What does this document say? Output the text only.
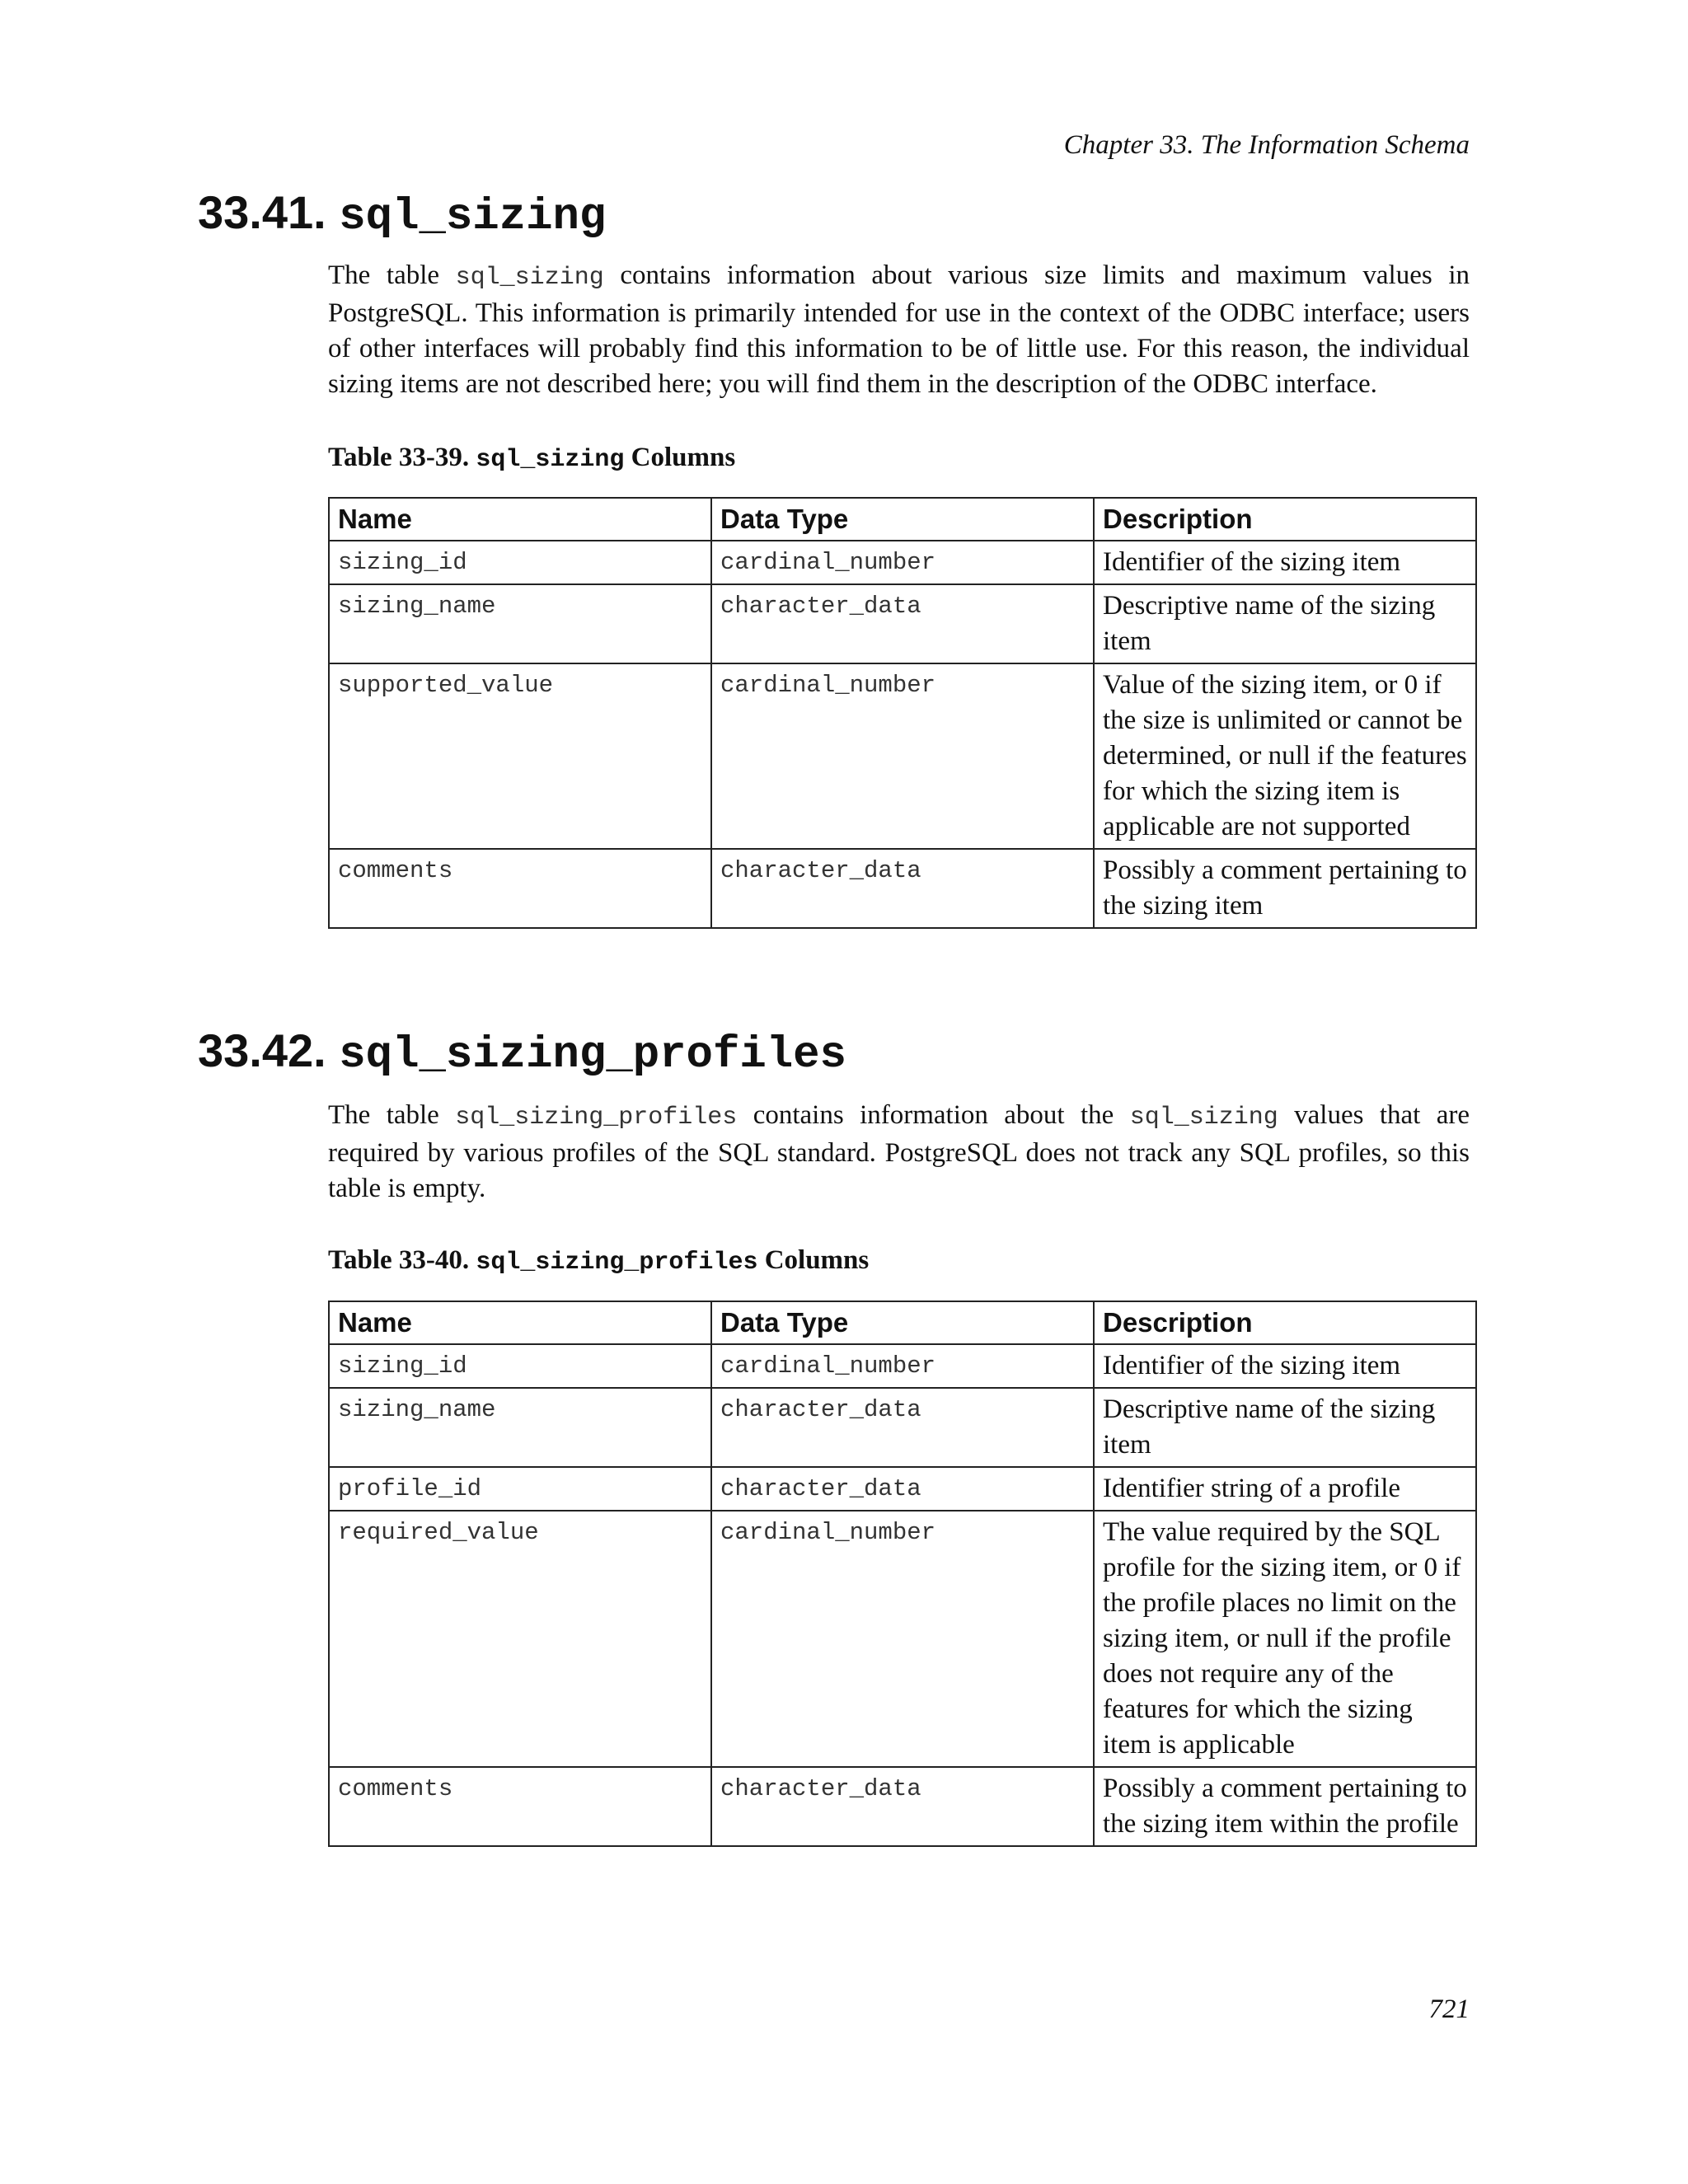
Chapter 33. The Information Schema
33.41. sql_sizing

The table sql_sizing contains information about various size limits and maximum values in PostgreSQL. This information is primarily intended for use in the context of the ODBC interface; users of other interfaces will probably find this information to be of little use. For this reason, the individual sizing items are not described here; you will find them in the description of the ODBC interface.

Table 33-39. sql_sizing Columns
Name	Data Type	Description
sizing_id	cardinal_number	Identifier of the sizing item
sizing_name	character_data	Descriptive name of the sizing item
supported_value	cardinal_number	Value of the sizing item, or 0 if the size is unlimited or cannot be determined, or null if the features for which the sizing item is applicable are not supported
comments	character_data	Possibly a comment pertaining to the sizing item
33.42. sql_sizing_profiles

The table sql_sizing_profiles contains information about the sql_sizing values that are required by various profiles of the SQL standard. PostgreSQL does not track any SQL profiles, so this table is empty.

Table 33-40. sql_sizing_profiles Columns
Name	Data Type	Description
sizing_id	cardinal_number	Identifier of the sizing item
sizing_name	character_data	Descriptive name of the sizing item
profile_id	character_data	Identifier string of a profile
required_value	cardinal_number	The value required by the SQL profile for the sizing item, or 0 if the profile places no limit on the sizing item, or null if the profile does not require any of the features for which the sizing item is applicable
comments	character_data	Possibly a comment pertaining to the sizing item within the profile
721
